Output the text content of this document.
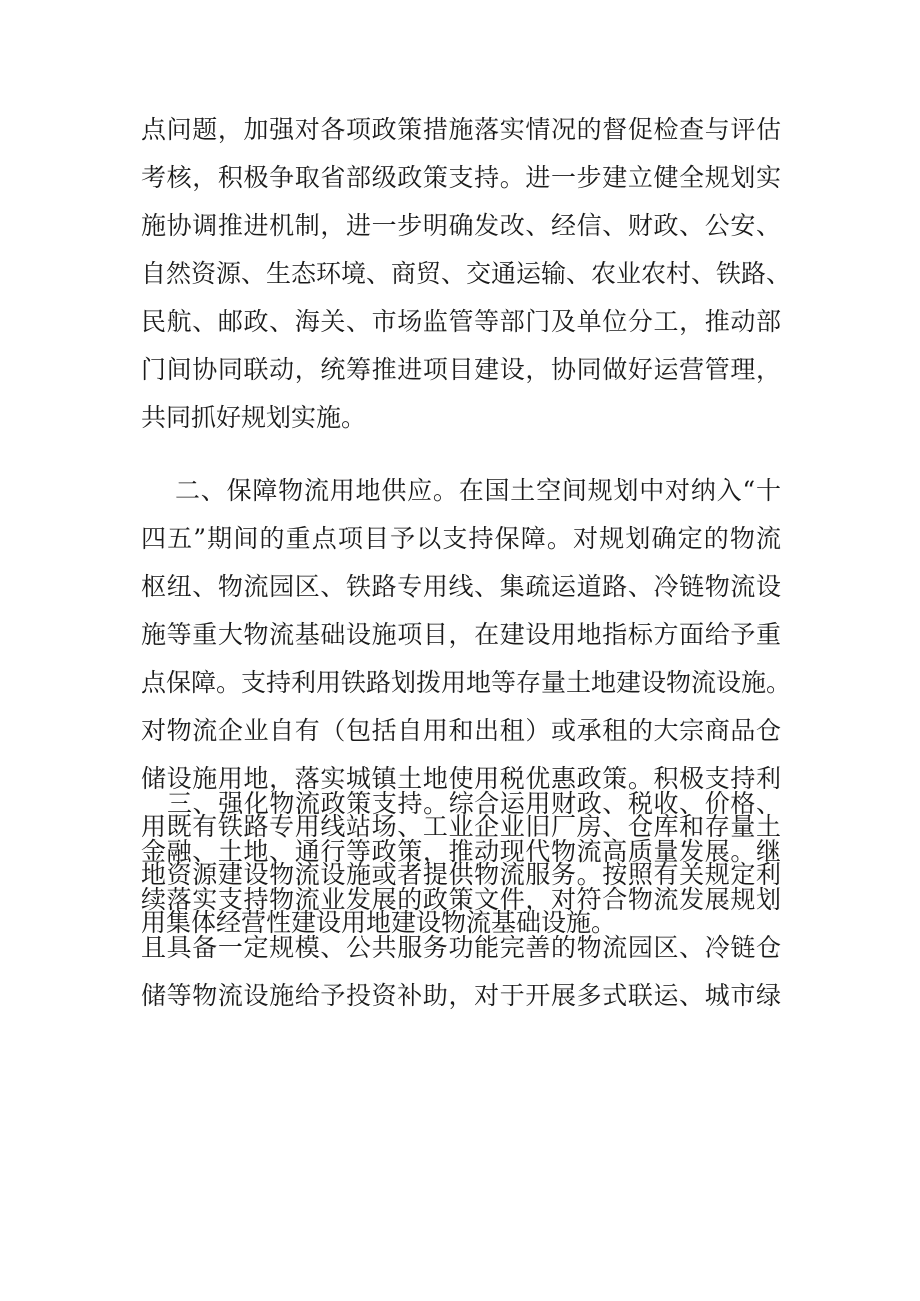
点问题，加强对各项政策措施落实情况的督促检查与评估
考核，积极争取省部级政策支持。进一步建立健全规划实
施协调推进机制，进一步明确发改、经信、财政、公安、
自然资源、生态环境、商贸、交通运输、农业农村、铁路、
民航、邮政、海关、市场监管等部门及单位分工，推动部
门间协同联动，统筹推进项目建设，协同做好运营管理，
共同抓好规划实施。
二、保障物流用地供应。在国土空间规划中对纳入“十
四五”期间的重点项目予以支持保障。对规划确定的物流
枢纽、物流园区、铁路专用线、集疏运道路、冷链物流设
施等重大物流基础设施项目，在建设用地指标方面给予重
点保障。支持利用铁路划拨用地等存量土地建设物流设施。
对物流企业自有（包括自用和出租）或承租的大宗商品仓
储设施用地，落实城镇土地使用税优惠政策。积极支持利
用既有铁路专用线站场、工业企业旧厂房、仓库和存量土
地资源建设物流设施或者提供物流服务。按照有关规定利
用集体经营性建设用地建设物流基础设施。
三、强化物流政策支持。综合运用财政、税收、价格、
金融、土地、通行等政策，推动现代物流高质量发展。继
续落实支持物流业发展的政策文件，对符合物流发展规划
且具备一定规模、公共服务功能完善的物流园区、冷链仓
储等物流设施给予投资补助，对于开展多式联运、城市绿
